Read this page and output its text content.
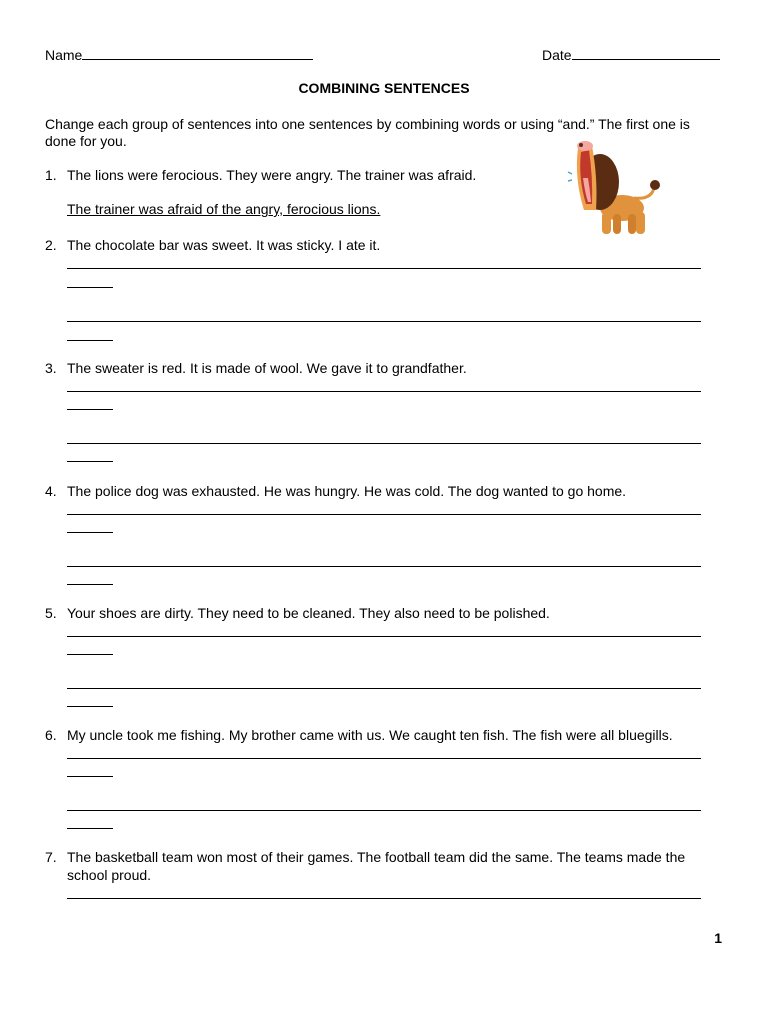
Name	Date
COMBINING SENTENCES
Change each group of sentences into one sentences by combining words or using “and.” The first one is done for you.
1. The lions were ferocious. They were angry. The trainer was afraid.
The trainer was afraid of the angry, ferocious lions.
2. The chocolate bar was sweet. It was sticky. I ate it.
3. The sweater is red. It is made of wool. We gave it to grandfather.
4. The police dog was exhausted. He was hungry. He was cold. The dog wanted to go home.
5. Your shoes are dirty. They need to be cleaned. They also need to be polished.
6. My uncle took me fishing. My brother came with us. We caught ten fish. The fish were all bluegills.
7. The basketball team won most of their games. The football team did the same. The teams made the school proud.
1
